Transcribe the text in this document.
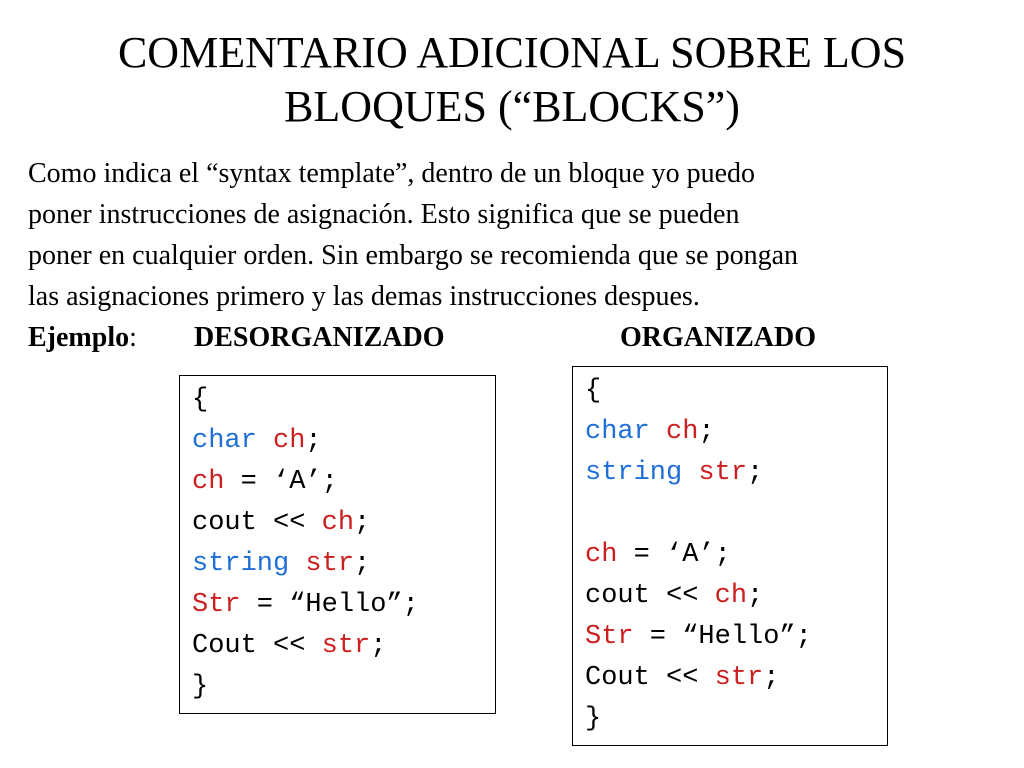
COMENTARIO ADICIONAL SOBRE LOS
BLOQUES (“BLOCKS”)
Como indica el “syntax template”, dentro de un bloque yo puedo
poner instrucciones de asignación. Esto significa que se pueden
poner en cualquier orden. Sin embargo se recomienda que se pongan
las asignaciones primero y las demas instrucciones despues.
Ejemplo: DESORGANIZADO	ORGANIZADO
{
char ch;
ch = ‘A’;
cout << ch;
string str;
Str = “Hello”;
Cout << str;
}
{
char ch;
string str;
ch = ‘A’;
cout << ch;
Str = “Hello”;
Cout << str;
}
